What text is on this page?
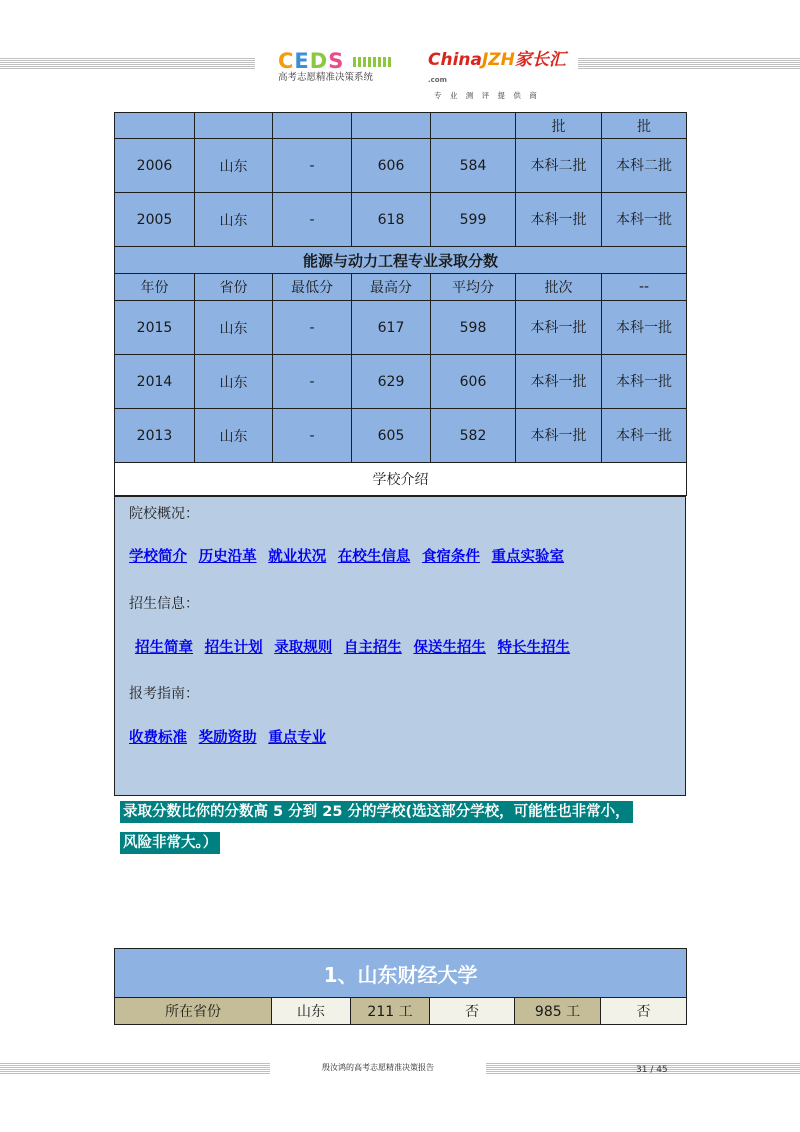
CEDS
高考志愿精准决策系统
ChinaJZH家长汇 $^{.com}$
专 业 测 评 提 供 商
					批	批
2006	山东	-	606	584	本科二批	本科二批
2005	山东	-	618	599	本科一批	本科一批
能源与动力工程专业录取分数						
年份	省份	最低分	最高分	平均分	批次	--
2015	山东	-	617	598	本科一批	本科一批
2014	山东	-	629	606	本科一批	本科一批
2013	山东	-	605	582	本科一批	本科一批
学校介绍						
院校概况：
学校简介 历史沿革 就业状况 在校生信息 食宿条件 重点实验室
招生信息：
招生简章 招生计划 录取规则 自主招生 保送生招生 特长生招生
报考指南：
收费标准 奖励资助 重点专业
录取分数比你的分数高 5 分到 25 分的学校(选这部分学校，可能性也非常小，
风险非常大。）
1、山东财经大学
所在省份	山东	211 工	否	985 工	否
殷汝鸿的高考志愿精准决策报告	31 / 45
